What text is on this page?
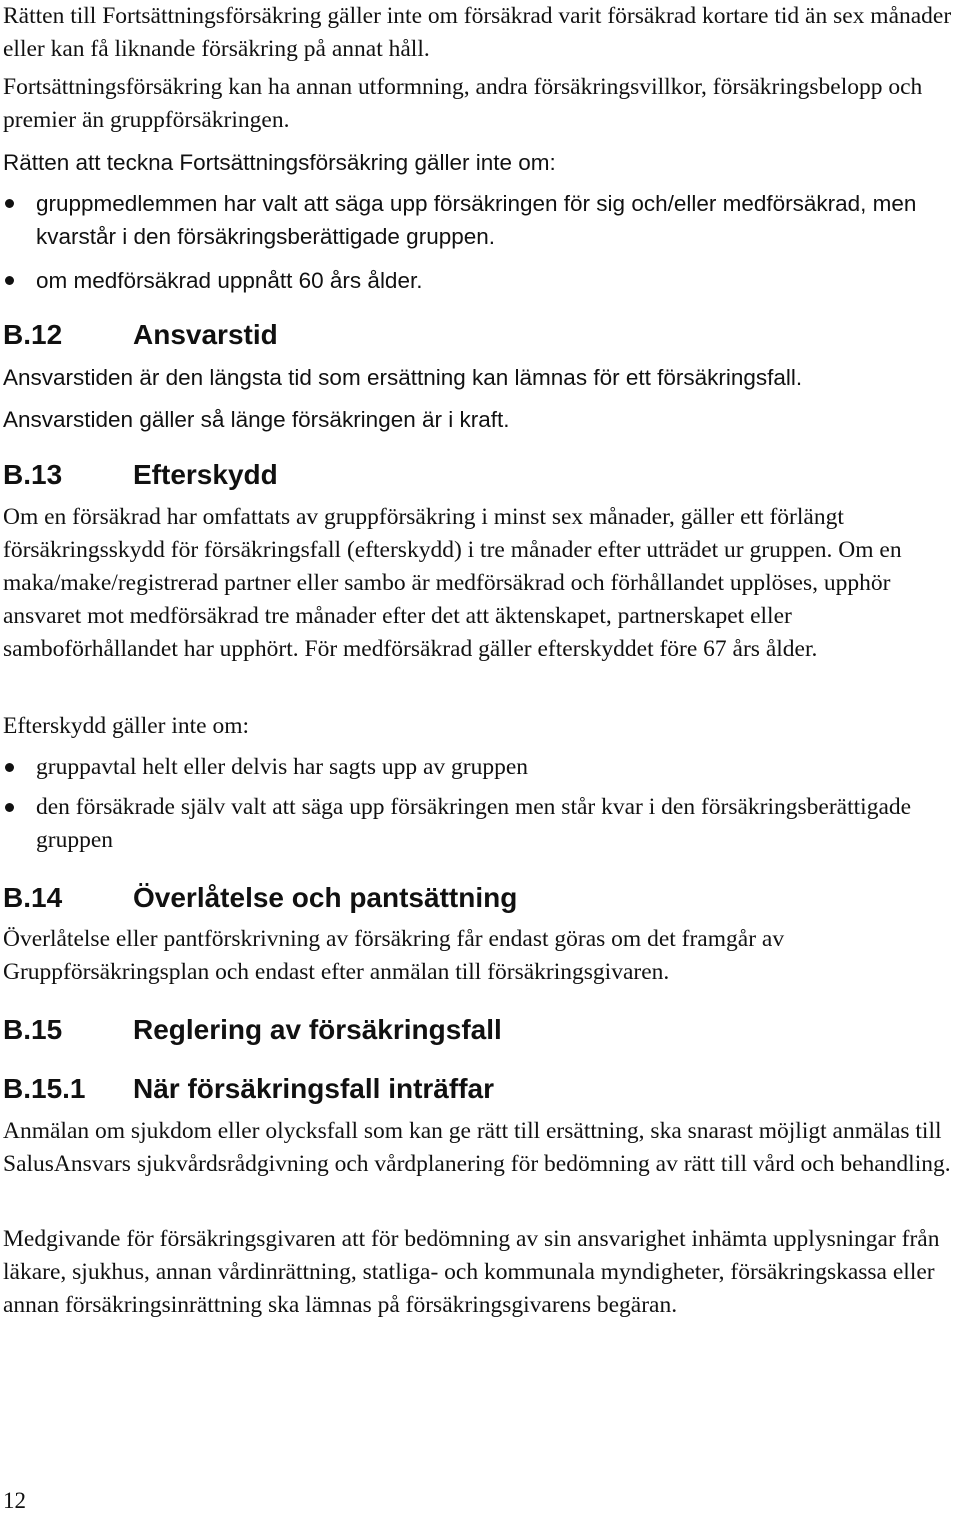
Rätten till Fortsättningsförsäkring gäller inte om försäkrad varit försäkrad kortare tid än sex månader eller kan få liknande försäkring på annat håll.

Fortsättningsförsäkring kan ha annan utformning, andra försäkringsvillkor, försäkringsbelopp och premier än gruppförsäkringen.

Rätten att teckna Fortsättningsförsäkring gäller inte om:

gruppmedlemmen har valt att säga upp försäkringen för sig och/eller medförsäkrad, men kvarstår i den försäkringsberättigade gruppen.

om medförsäkrad uppnått 60 års ålder.

B.12	Ansvarstid

Ansvarstiden är den längsta tid som ersättning kan lämnas för ett försäkringsfall.

Ansvarstiden gäller så länge försäkringen är i kraft.

B.13	Efterskydd

Om en försäkrad har omfattats av gruppförsäkring i minst sex månader, gäller ett förlängt försäkringsskydd för försäkringsfall (efterskydd) i tre månader efter utträdet ur gruppen. Om en maka/make/registrerad partner eller sambo är medförsäkrad och förhållandet upplöses, upphör ansvaret mot medförsäkrad tre månader efter det att äktenskapet, partnerskapet eller samboförhållandet har upphört. För medförsäkrad gäller efterskyddet före 67 års ålder.

Efterskydd gäller inte om:

gruppavtal helt eller delvis har sagts upp av gruppen

den försäkrade själv valt att säga upp försäkringen men står kvar i den försäkringsberättigade gruppen

B.14	Överlåtelse och pantsättning

Överlåtelse eller pantförskrivning av försäkring får endast göras om det framgår av Gruppförsäkringsplan och endast efter anmälan till försäkringsgivaren.

B.15	Reglering av försäkringsfall
B.15.1 När försäkringsfall inträffar

Anmälan om sjukdom eller olycksfall som kan ge rätt till ersättning, ska snarast möjligt anmälas till SalusAnsvars sjukvårdsrådgivning och vårdplanering för bedömning av rätt till vård och behandling.

Medgivande för försäkringsgivaren att för bedömning av sin ansvarighet inhämta upplysningar från läkare, sjukhus, annan vårdinrättning, statliga- och kommunala myndigheter, försäkringskassa eller annan försäkringsinrättning ska lämnas på försäkringsgivarens begäran.

12
